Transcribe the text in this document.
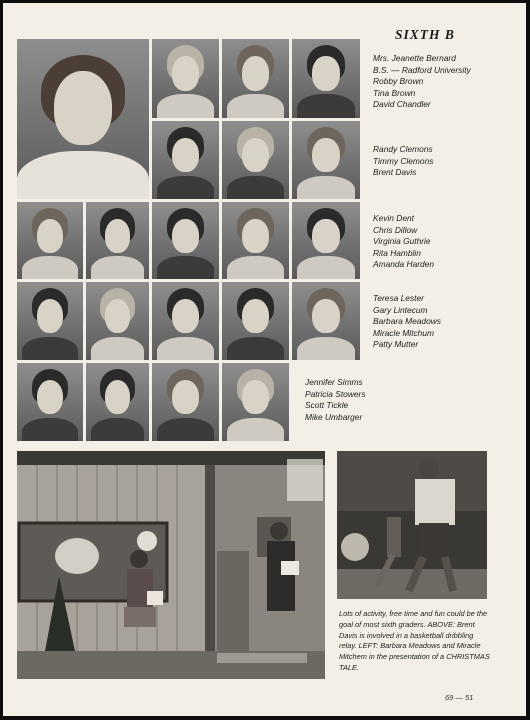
SIXTH B
Mrs. Jeanette Bernard
B.S. — Radford University
Robby Brown
Tina Brown
David Chandler
Randy Clemons
Timmy Clemons
Brent Davis
Kevin Dent
Chris Dillow
Virginia Guthrie
Rita Hamblin
Amanda Harden
Teresa Lester
Gary Lintecum
Barbara Meadows
Miracle Mitchum
Patty Mutter
Jennifer Simms
Patricia Stowers
Scott Tickle
Mike Umbarger
Lots of activity, free time and fun could be the goal of most sixth graders. ABOVE: Brent Davis is involved in a basketball dribbling relay. LEFT: Barbara Meadows and Miracle Mitchem in the presentation of a CHRISTMAS TALE.
69 — 51
